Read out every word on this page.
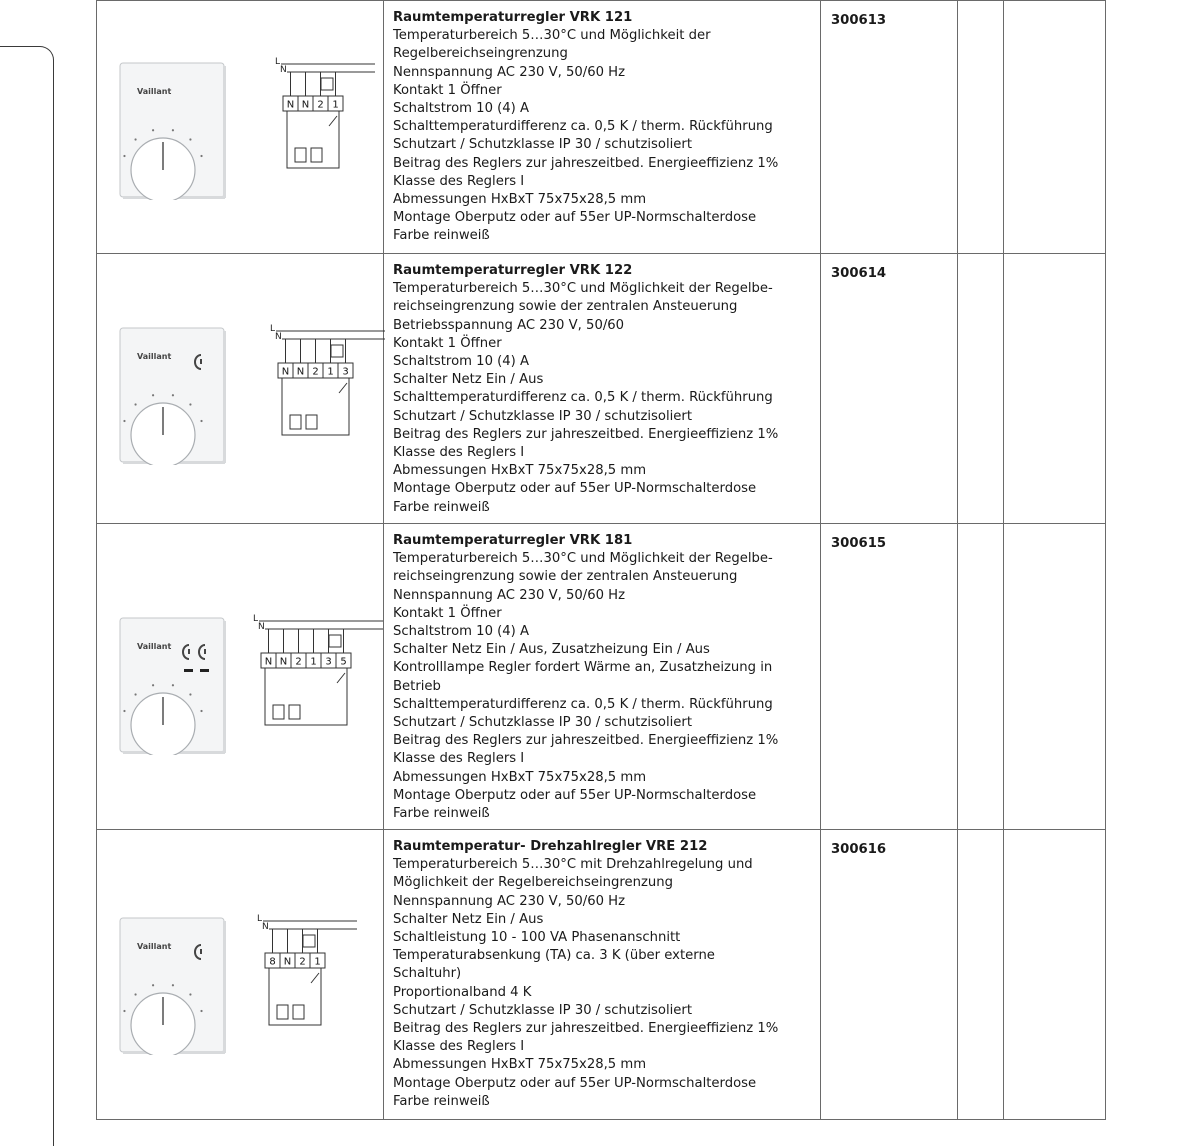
Vaillant
L
N
N N 2 1

Raumtemperaturregler VRK 121

Temperaturbereich 5…30°C und Möglichkeit der

Regelbereichseingrenzung

Nennspannung AC 230 V, 50/60 Hz

Kontakt 1 Öffner

Schaltstrom 10 (4) A

Schalttemperaturdifferenz ca. 0,5 K / therm. Rückführung

Schutzart / Schutzklasse IP 30 / schutzisoliert

Beitrag des Reglers zur jahreszeitbed. Energieeffizienz 1%

Klasse des Reglers I

Abmessungen HxBxT 75x75x28,5 mm

Montage Oberputz oder auf 55er UP-Normschalterdose

Farbe reinweiß

300613
Vaillant
L
N
N N 2 1 3

Raumtemperaturregler VRK 122

Temperaturbereich 5…30°C und Möglichkeit der Regelbe-

reichseingrenzung sowie der zentralen Ansteuerung

Betriebsspannung AC 230 V, 50/60

Kontakt 1 Öffner

Schaltstrom 10 (4) A

Schalter Netz Ein / Aus

Schalttemperaturdifferenz ca. 0,5 K / therm. Rückführung

Schutzart / Schutzklasse IP 30 / schutzisoliert

Beitrag des Reglers zur jahreszeitbed. Energieeffizienz 1%

Klasse des Reglers I

Abmessungen HxBxT 75x75x28,5 mm

Montage Oberputz oder auf 55er UP-Normschalterdose

Farbe reinweiß

300614
Vaillant
L
N
N N 2 1 3 5

Raumtemperaturregler VRK 181

Temperaturbereich 5…30°C und Möglichkeit der Regelbe-

reichseingrenzung sowie der zentralen Ansteuerung

Nennspannung AC 230 V, 50/60 Hz

Kontakt 1 Öffner

Schaltstrom 10 (4) A

Schalter Netz Ein / Aus, Zusatzheizung Ein / Aus

Kontrolllampe Regler fordert Wärme an, Zusatzheizung in

Betrieb

Schalttemperaturdifferenz ca. 0,5 K / therm. Rückführung

Schutzart / Schutzklasse IP 30 / schutzisoliert

Beitrag des Reglers zur jahreszeitbed. Energieeffizienz 1%

Klasse des Reglers I

Abmessungen HxBxT 75x75x28,5 mm

Montage Oberputz oder auf 55er UP-Normschalterdose

Farbe reinweiß

300615
Vaillant
L
N
8 N 2 1

Raumtemperatur- Drehzahlregler VRE 212

Temperaturbereich 5…30°C mit Drehzahlregelung und

Möglichkeit der Regelbereichseingrenzung

Nennspannung AC 230 V, 50/60 Hz

Schalter Netz Ein / Aus

Schaltleistung 10 - 100 VA Phasenanschnitt

Temperaturabsenkung (TA) ca. 3 K (über externe

Schaltuhr)

Proportionalband 4 K

Schutzart / Schutzklasse IP 30 / schutzisoliert

Beitrag des Reglers zur jahreszeitbed. Energieeffizienz 1%

Klasse des Reglers I

Abmessungen HxBxT 75x75x28,5 mm

Montage Oberputz oder auf 55er UP-Normschalterdose

Farbe reinweiß

300616
